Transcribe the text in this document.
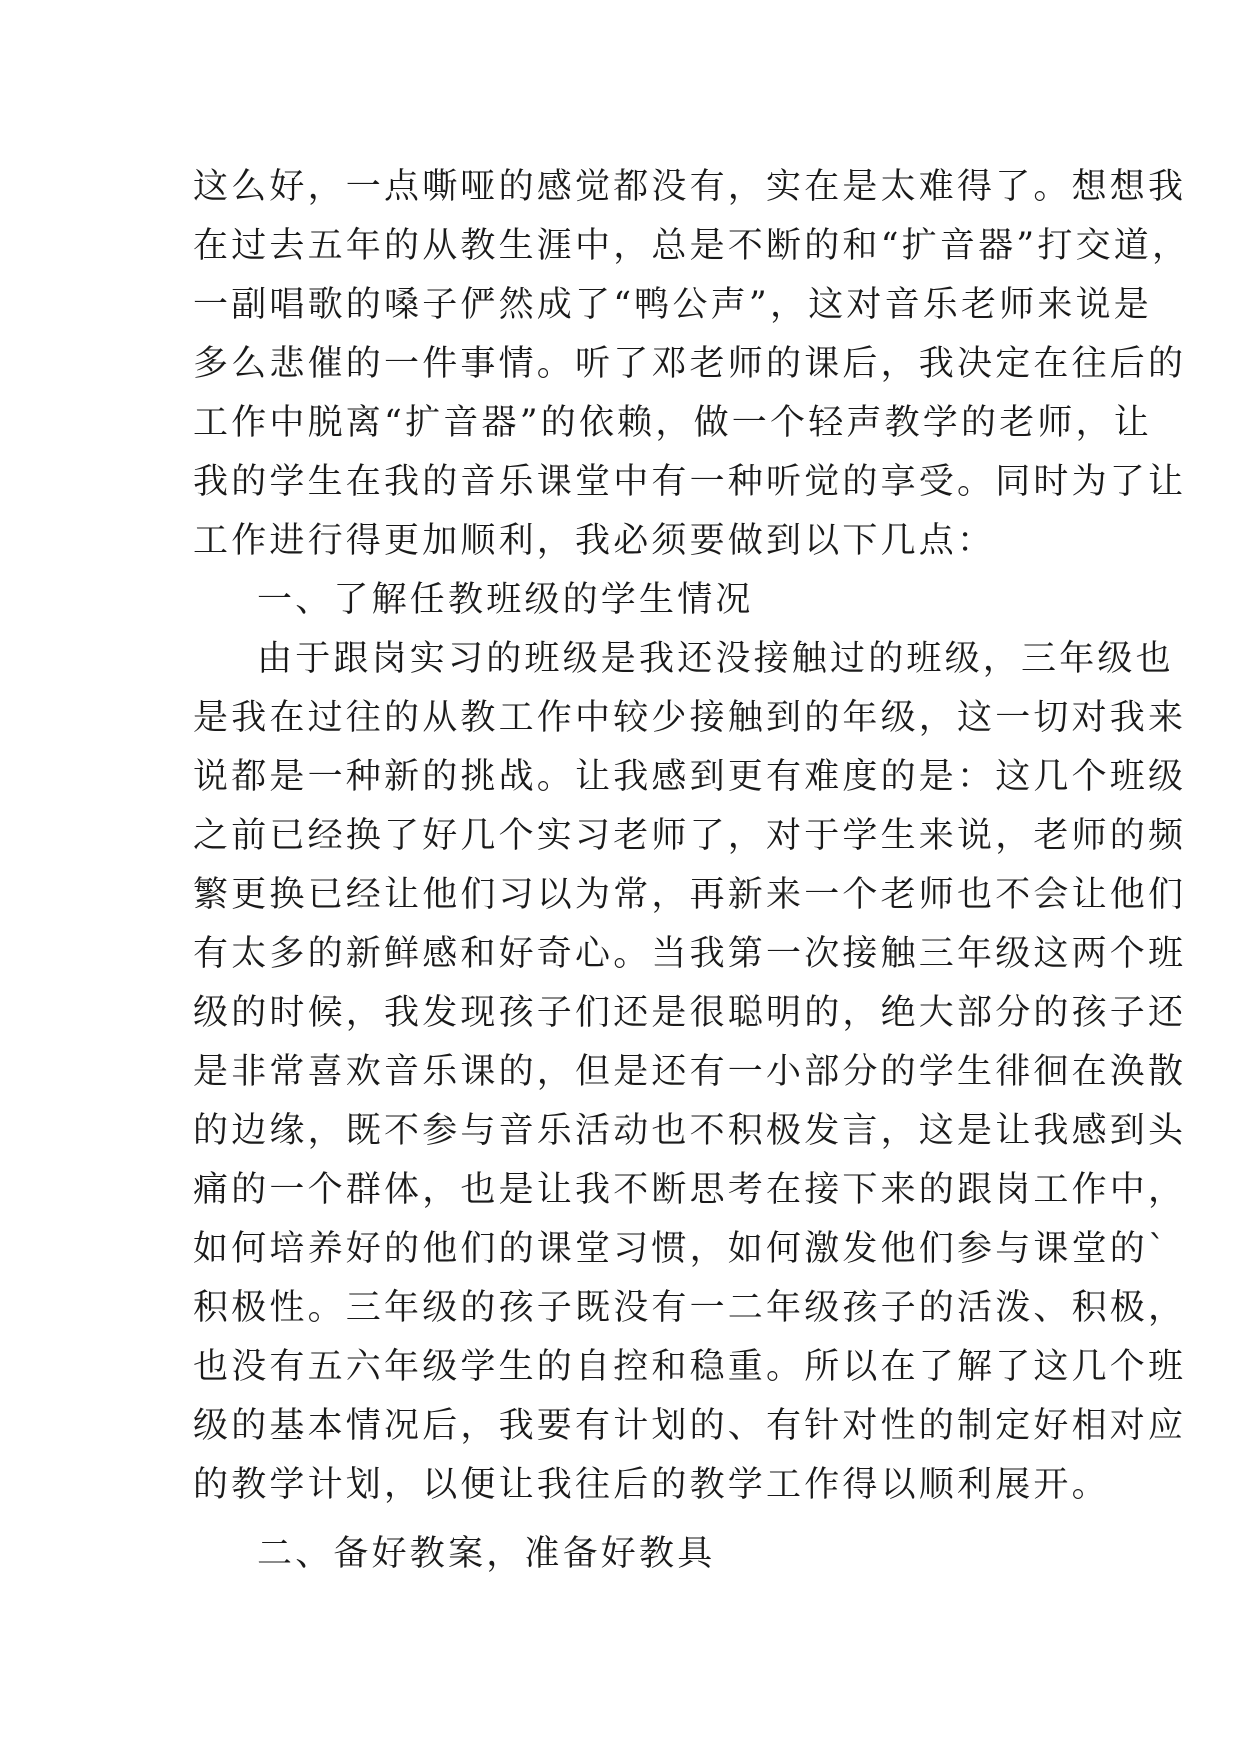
这么好，一点嘶哑的感觉都没有，实在是太难得了。想想我
在过去五年的从教生涯中，总是不断的和“扩音器”打交道，
一副唱歌的嗓子俨然成了“鸭公声”，这对音乐老师来说是
多么悲催的一件事情。听了邓老师的课后，我决定在往后的
工作中脱离“扩音器”的依赖，做一个轻声教学的老师，让
我的学生在我的音乐课堂中有一种听觉的享受。同时为了让
工作进行得更加顺利，我必须要做到以下几点：
一、了解任教班级的学生情况
由于跟岗实习的班级是我还没接触过的班级，三年级也
是我在过往的从教工作中较少接触到的年级，这一切对我来
说都是一种新的挑战。让我感到更有难度的是：这几个班级
之前已经换了好几个实习老师了，对于学生来说，老师的频
繁更换已经让他们习以为常，再新来一个老师也不会让他们
有太多的新鲜感和好奇心。当我第一次接触三年级这两个班
级的时候，我发现孩子们还是很聪明的，绝大部分的孩子还
是非常喜欢音乐课的，但是还有一小部分的学生徘徊在涣散
的边缘，既不参与音乐活动也不积极发言，这是让我感到头
痛的一个群体，也是让我不断思考在接下来的跟岗工作中，
如何培养好的他们的课堂习惯，如何激发他们参与课堂的`
积极性。三年级的孩子既没有一二年级孩子的活泼、积极，
也没有五六年级学生的自控和稳重。所以在了解了这几个班
级的基本情况后，我要有计划的、有针对性的制定好相对应
的教学计划，以便让我往后的教学工作得以顺利展开。
二、备好教案，准备好教具
